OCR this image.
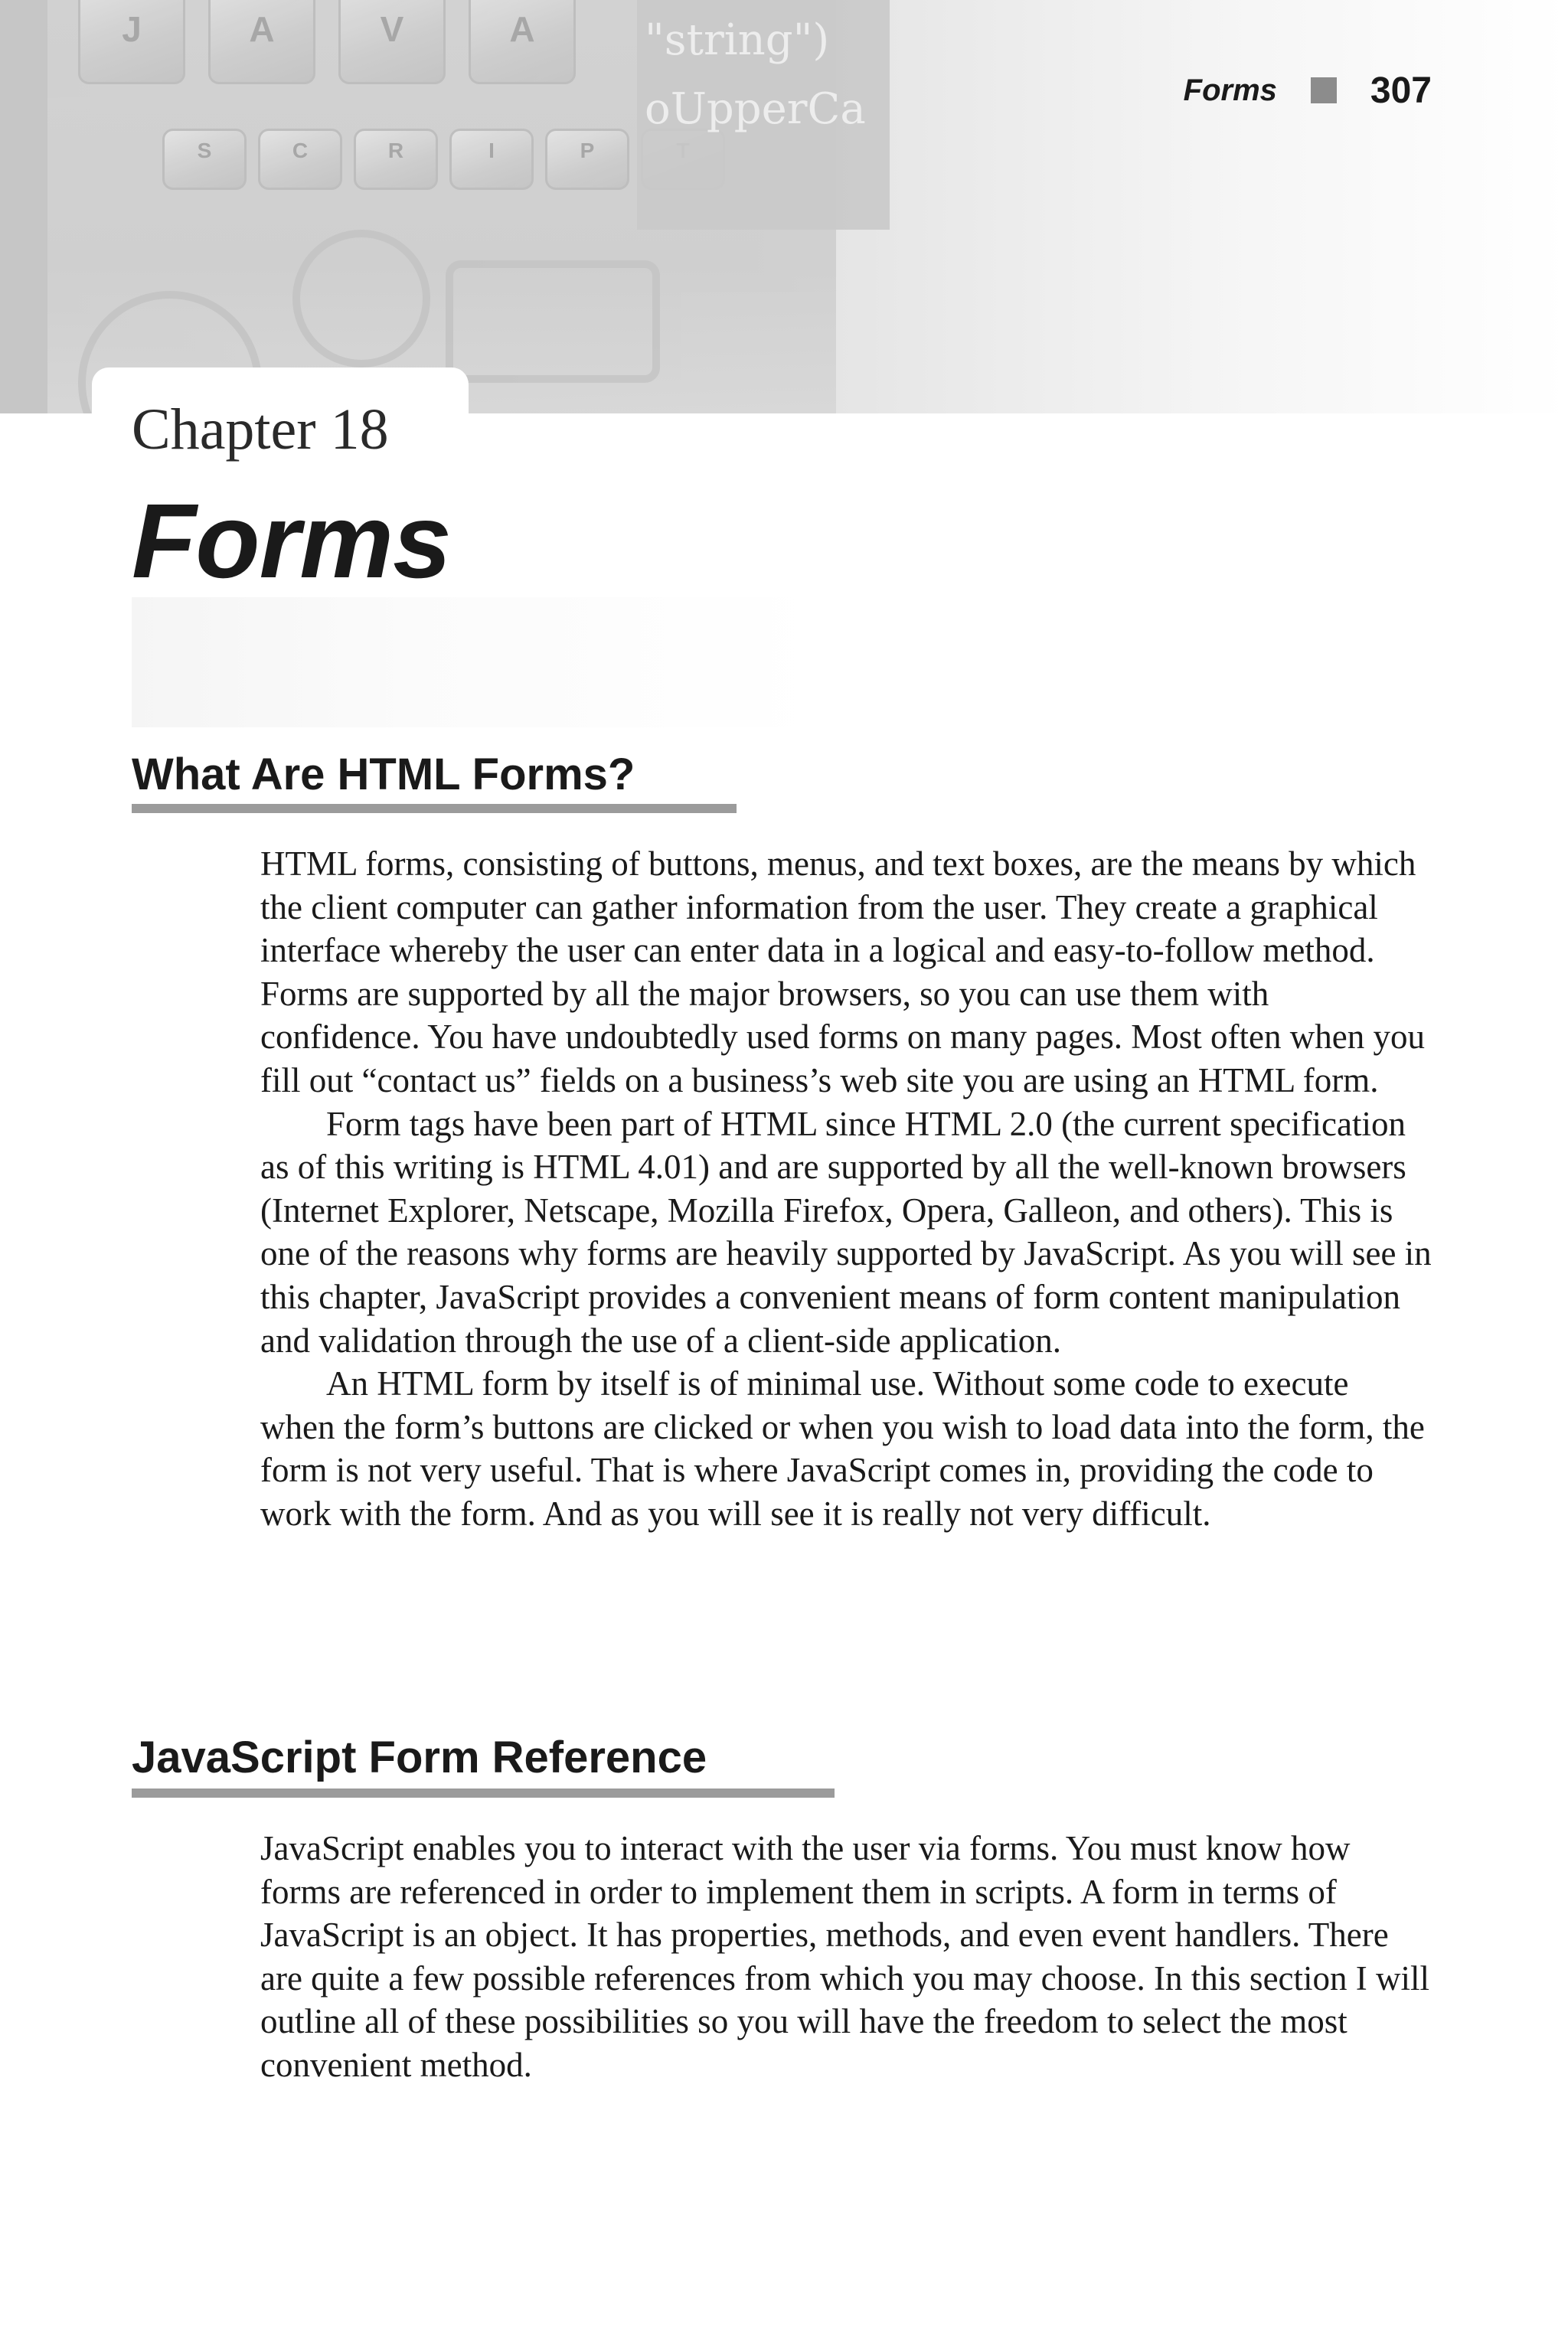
J	A	V	A
S	C	R	I	P
"string")
oUpperCa	Forms	307
Chapter 18
Forms
What Are HTML Forms?

HTML forms, consisting of buttons, menus, and text boxes, are the means by which the client computer can gather information from the user. They create a graphical interface whereby the user can enter data in a logical and easy-to-follow method. Forms are supported by all the major browsers, so you can use them with confidence. You have undoubtedly used forms on many pages. Most often when you fill out “contact us” fields on a business’s web site you are using an HTML form.

Form tags have been part of HTML since HTML 2.0 (the current specification as of this writing is HTML 4.01) and are supported by all the well-known browsers (Internet Explorer, Netscape, Mozilla Firefox, Opera, Galleon, and others). This is one of the reasons why forms are heavily supported by JavaScript. As you will see in this chapter, JavaScript provides a convenient means of form content manipulation and validation through the use of a client-side application.

An HTML form by itself is of minimal use. Without some code to execute when the form’s buttons are clicked or when you wish to load data into the form, the form is not very useful. That is where JavaScript comes in, providing the code to work with the form. And as you will see it is really not very difficult.

JavaScript Form Reference

JavaScript enables you to interact with the user via forms. You must know how forms are referenced in order to implement them in scripts. A form in terms of JavaScript is an object. It has properties, methods, and even event handlers. There are quite a few possible references from which you may choose. In this section I will outline all of these possibilities so you will have the freedom to select the most convenient method.
